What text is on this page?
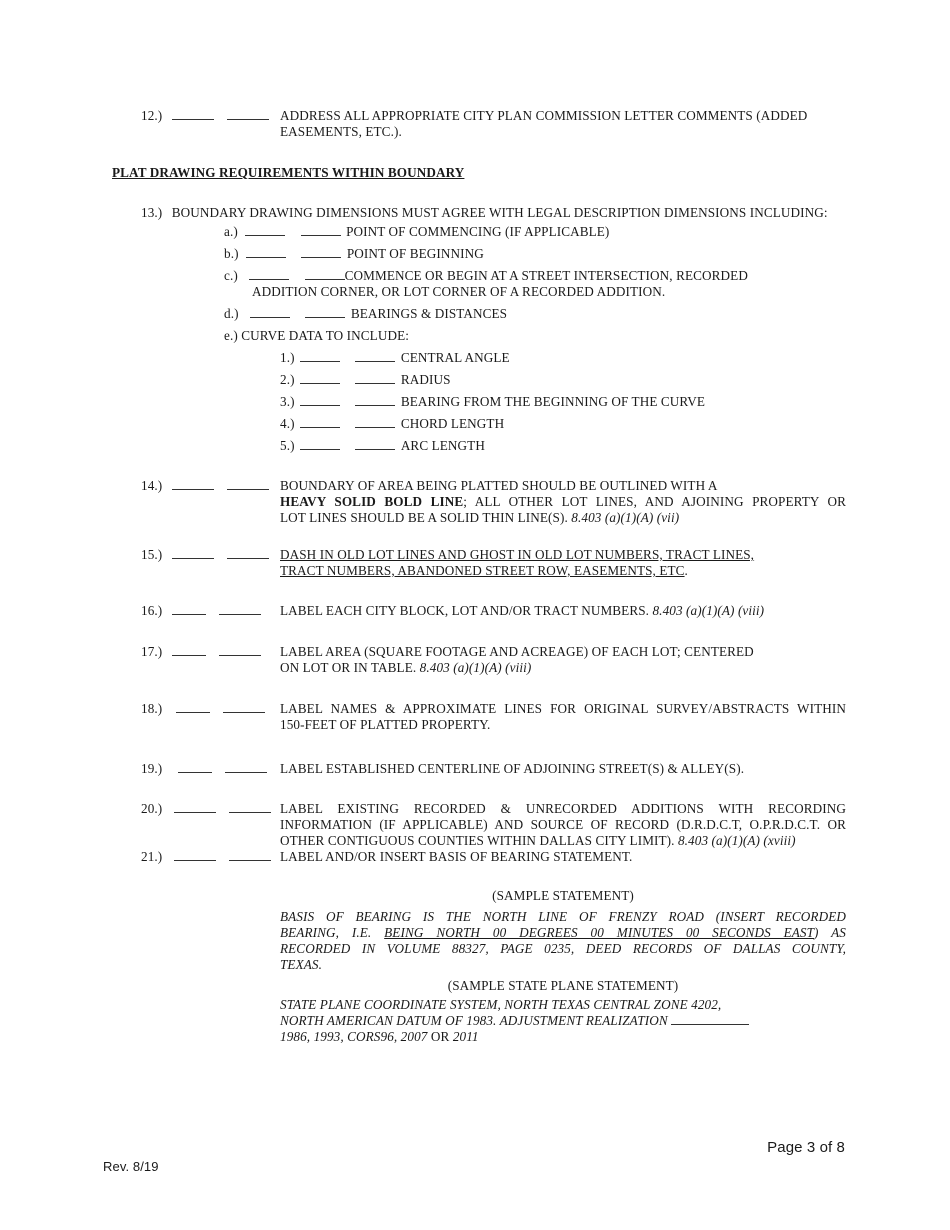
12.)	ADDRESS ALL APPROPRIATE CITY PLAN COMMISSION LETTER COMMENTS (ADDED EASEMENTS, ETC.).
PLAT DRAWING REQUIREMENTS WITHIN BOUNDARY
13.) BOUNDARY DRAWING DIMENSIONS MUST AGREE WITH LEGAL DESCRIPTION DIMENSIONS INCLUDING:
a.)	POINT OF COMMENCING (IF APPLICABLE)
b.)	POINT OF BEGINNING
c.)	COMMENCE OR BEGIN AT A STREET INTERSECTION, RECORDED
ADDITION CORNER, OR LOT CORNER OF A RECORDED ADDITION.
d.)	BEARINGS & DISTANCES
e.) CURVE DATA TO INCLUDE:
1.)	CENTRAL ANGLE
2.)	RADIUS
3.)	BEARING FROM THE BEGINNING OF THE CURVE
4.)	CHORD LENGTH
5.)	ARC LENGTH
14.)	BOUNDARY OF AREA BEING PLATTED SHOULD BE OUTLINED WITH A
HEAVY SOLID BOLD LINE; ALL OTHER LOT LINES, AND AJOINING PROPERTY OR
LOT LINES SHOULD BE A SOLID THIN LINE(S). 8.403 (a)(1)(A) (vii)
15.)	DASH IN OLD LOT LINES AND GHOST IN OLD LOT NUMBERS, TRACT LINES,
TRACT NUMBERS, ABANDONED STREET ROW, EASEMENTS, ETC.
16.)	LABEL EACH CITY BLOCK, LOT AND/OR TRACT NUMBERS. 8.403 (a)(1)(A) (viii)
17.)	LABEL AREA (SQUARE FOOTAGE AND ACREAGE) OF EACH LOT; CENTERED
ON LOT OR IN TABLE. 8.403 (a)(1)(A) (viii)
18.)	LABEL NAMES & APPROXIMATE LINES FOR ORIGINAL SURVEY/ABSTRACTS WITHIN
150-FEET OF PLATTED PROPERTY.
19.)	LABEL ESTABLISHED CENTERLINE OF ADJOINING STREET(S) & ALLEY(S).
20.)	LABEL EXISTING RECORDED & UNRECORDED ADDITIONS WITH RECORDING
INFORMATION (IF APPLICABLE) AND SOURCE OF RECORD (D.R.D.C.T, O.P.R.D.C.T. OR
OTHER CONTIGUOUS COUNTIES WITHIN DALLAS CITY LIMIT). 8.403 (a)(1)(A) (xviii)
21.)	LABEL AND/OR INSERT BASIS OF BEARING STATEMENT.
(SAMPLE STATEMENT)
BASIS OF BEARING IS THE NORTH LINE OF FRENZY ROAD (INSERT RECORDED
BEARING, I.E. BEING NORTH 00 DEGREES 00 MINUTES 00 SECONDS EAST) AS
RECORDED IN VOLUME 88327, PAGE 0235, DEED RECORDS OF DALLAS COUNTY,
TEXAS.
(SAMPLE STATE PLANE STATEMENT)
STATE PLANE COORDINATE SYSTEM, NORTH TEXAS CENTRAL ZONE 4202,
NORTH AMERICAN DATUM OF 1983. ADJUSTMENT REALIZATION
1986, 1993, CORS96, 2007 OR 2011
Page 3 of 8
Rev. 8/19
